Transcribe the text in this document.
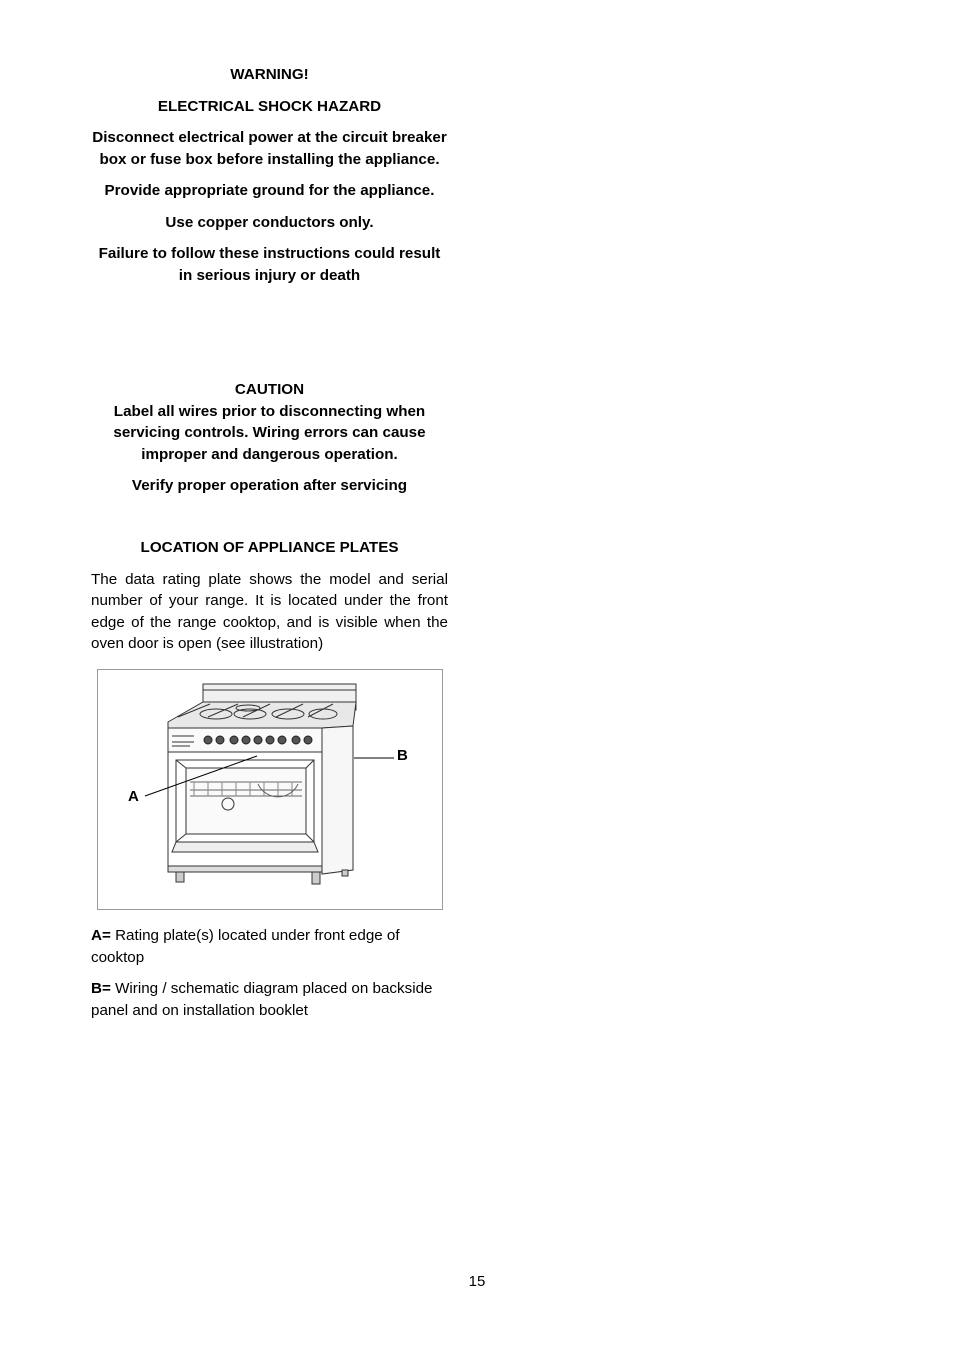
WARNING!

ELECTRICAL SHOCK HAZARD

Disconnect electrical power at the circuit breaker box or fuse box before installing the appliance.

Provide appropriate ground for the appliance.

Use copper conductors only.

Failure to follow these instructions could result in serious injury or death

CAUTION

Label all wires prior to disconnecting when servicing controls. Wiring errors can cause improper and dangerous operation.

Verify proper operation after servicing

LOCATION OF APPLIANCE PLATES

The data rating plate shows the model and serial number of your range. It is located under the front edge of the range cooktop, and is visible when the oven door is open (see illustration)

A
B

A= Rating plate(s) located under front edge of cooktop

B= Wiring / schematic diagram placed on backside panel and on installation booklet

15
